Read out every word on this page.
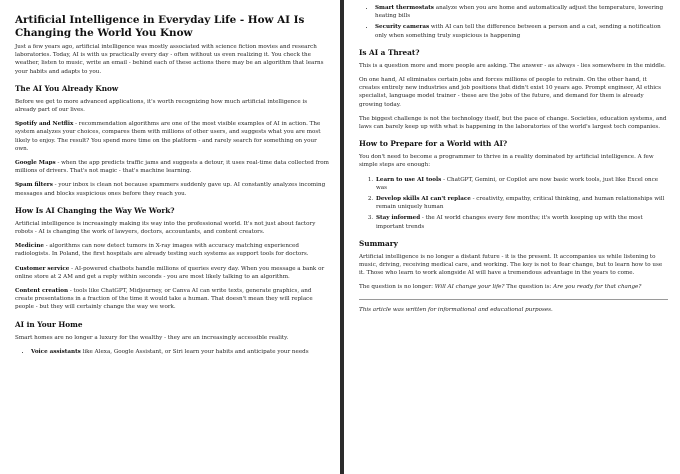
Artificial Intelligence in Everyday Life - How AI Is Changing the World You Know

Just a few years ago, artificial intelligence was mostly associated with science fiction movies and research laboratories. Today, AI is with us practically every day - often without us even realizing it. You check the weather, listen to music, write an email - behind each of these actions there may be an algorithm that learns your habits and adapts to you.

The AI You Already Know

Before we get to more advanced applications, it's worth recognizing how much artificial intelligence is already part of our lives.

Spotify and Netflix - recommendation algorithms are one of the most visible examples of AI in action. The system analyzes your choices, compares them with millions of other users, and suggests what you are most likely to enjoy. The result? You spend more time on the platform - and rarely search for something on your own.

Google Maps - when the app predicts traffic jams and suggests a detour, it uses real-time data collected from millions of drivers. That's not magic - that's machine learning.

Spam filters - your inbox is clean not because spammers suddenly gave up. AI constantly analyzes incoming messages and blocks suspicious ones before they reach you.

How Is AI Changing the Way We Work?

Artificial intelligence is increasingly making its way into the professional world. It's not just about factory robots - AI is changing the work of lawyers, doctors, accountants, and content creators.

Medicine - algorithms can now detect tumors in X-ray images with accuracy matching experienced radiologists. In Poland, the first hospitals are already testing such systems as support tools for doctors.

Customer service - AI-powered chatbots handle millions of queries every day. When you message a bank or online store at 2 AM and get a reply within seconds - you are most likely talking to an algorithm.

Content creation - tools like ChatGPT, Midjourney, or Canva AI can write texts, generate graphics, and create presentations in a fraction of the time it would take a human. That doesn't mean they will replace people - but they will certainly change the way we work.

AI in Your Home

Smart homes are no longer a luxury for the wealthy - they are an increasingly accessible reality.

• Voice assistants like Alexa, Google Assistant, or Siri learn your habits and anticipate your needs
• Smart thermostats analyze when you are home and automatically adjust the temperature, lowering heating bills
• Security cameras with AI can tell the difference between a person and a cat, sending a notification only when something truly suspicious is happening
Is AI a Threat?

This is a question more and more people are asking. The answer - as always - lies somewhere in the middle.

On one hand, AI eliminates certain jobs and forces millions of people to retrain. On the other hand, it creates entirely new industries and job positions that didn't exist 10 years ago. Prompt engineer, AI ethics specialist, language model trainer - these are the jobs of the future, and demand for them is already growing today.

The biggest challenge is not the technology itself, but the pace of change. Societies, education systems, and laws can barely keep up with what is happening in the laboratories of the world's largest tech companies.

How to Prepare for a World with AI?

You don't need to become a programmer to thrive in a reality dominated by artificial intelligence. A few simple steps are enough:

1. Learn to use AI tools - ChatGPT, Gemini, or Copilot are now basic work tools, just like Excel once was
2. Develop skills AI can't replace - creativity, empathy, critical thinking, and human relationships will remain uniquely human
3. Stay informed - the AI world changes every few months; it's worth keeping up with the most important trends
Summary

Artificial intelligence is no longer a distant future - it is the present. It accompanies us while listening to music, driving, receiving medical care, and working. The key is not to fear change, but to learn how to use it. Those who learn to work alongside AI will have a tremendous advantage in the years to come.

The question is no longer: Will AI change your life? The question is: Are you ready for that change?

This article was written for informational and educational purposes.
